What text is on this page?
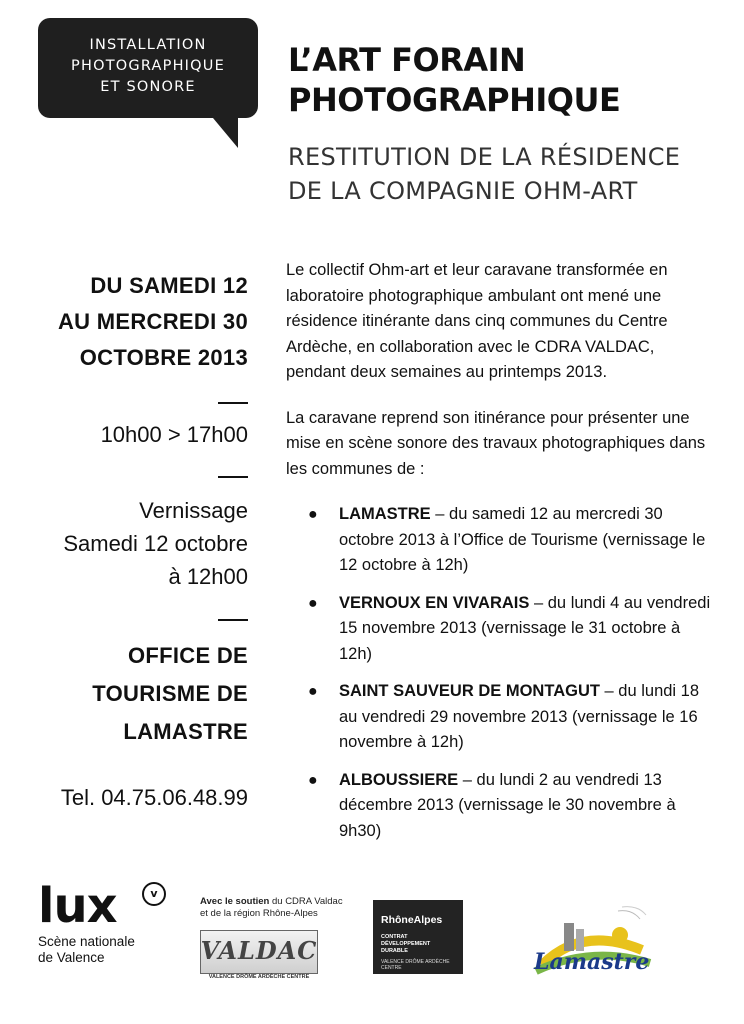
INSTALLATION
PHOTOGRAPHIQUE
ET SONORE
L’ART FORAIN
PHOTOGRAPHIQUE
RESTITUTION DE LA RÉSIDENCE
DE LA COMPAGNIE OHM-ART
DU SAMEDI 12
AU MERCREDI 30
OCTOBRE 2013
10h00 > 17h00
Vernissage
Samedi 12 octobre
à 12h00
OFFICE DE
TOURISME DE
LAMASTRE
Tel. 04.75.06.48.99

Le collectif Ohm-art et leur caravane transformée en laboratoire photographique ambulant ont mené une résidence itinérante dans cinq communes du Centre Ardèche, en collaboration avec le CDRA VALDAC, pendant deux semaines au printemps 2013.

La caravane reprend son itinérance pour présenter une mise en scène sonore des travaux photographiques dans les communes de :

● LAMASTRE – du samedi 12 au mercredi 30 octobre 2013 à l’Office de Tourisme (vernissage le 12 octobre à 12h)
● VERNOUX EN VIVARAIS – du lundi 4 au vendredi 15 novembre 2013 (vernissage le 31 octobre à 12h)
● SAINT SAUVEUR DE MONTAGUT – du lundi 18 au vendredi 29 novembre 2013 (vernissage le 16 novembre à 12h)
● ALBOUSSIERE – du lundi 2 au vendredi 13 décembre 2013 (vernissage le 30 novembre à 9h30)
lux	v
Scène nationale
de Valence
Avec le soutien du CDRA Valdac
et de la région Rhône-Alpes
VALDAC
VALENCE DRÔME ARDÈCHE CENTRE
RhôneAlpes
CONTRAT DÉVELOPPEMENT DURABLE
VALENCE DRÔME ARDÈCHE CENTRE	Lamastre
